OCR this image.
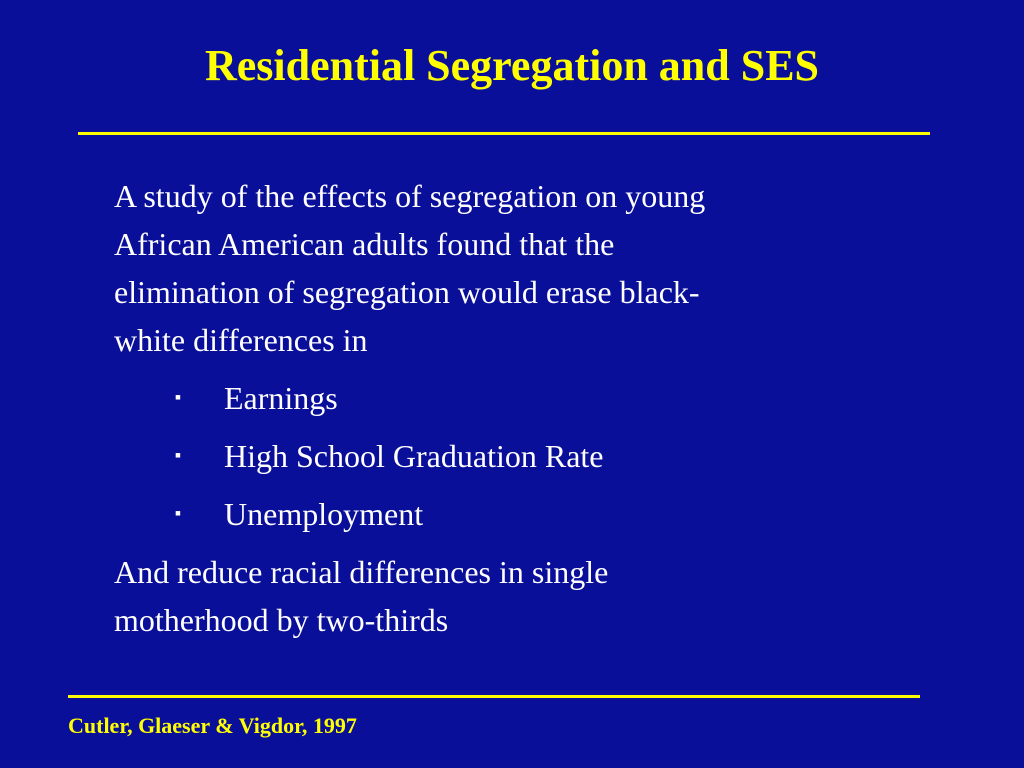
Residential Segregation and SES

A study of the effects of segregation on young
African American adults found that the
elimination of segregation would erase black-
white differences in

▪ Earnings
▪ High School Graduation Rate
▪ Unemployment

And reduce racial differences in single
motherhood by two-thirds

Cutler, Glaeser & Vigdor, 1997
